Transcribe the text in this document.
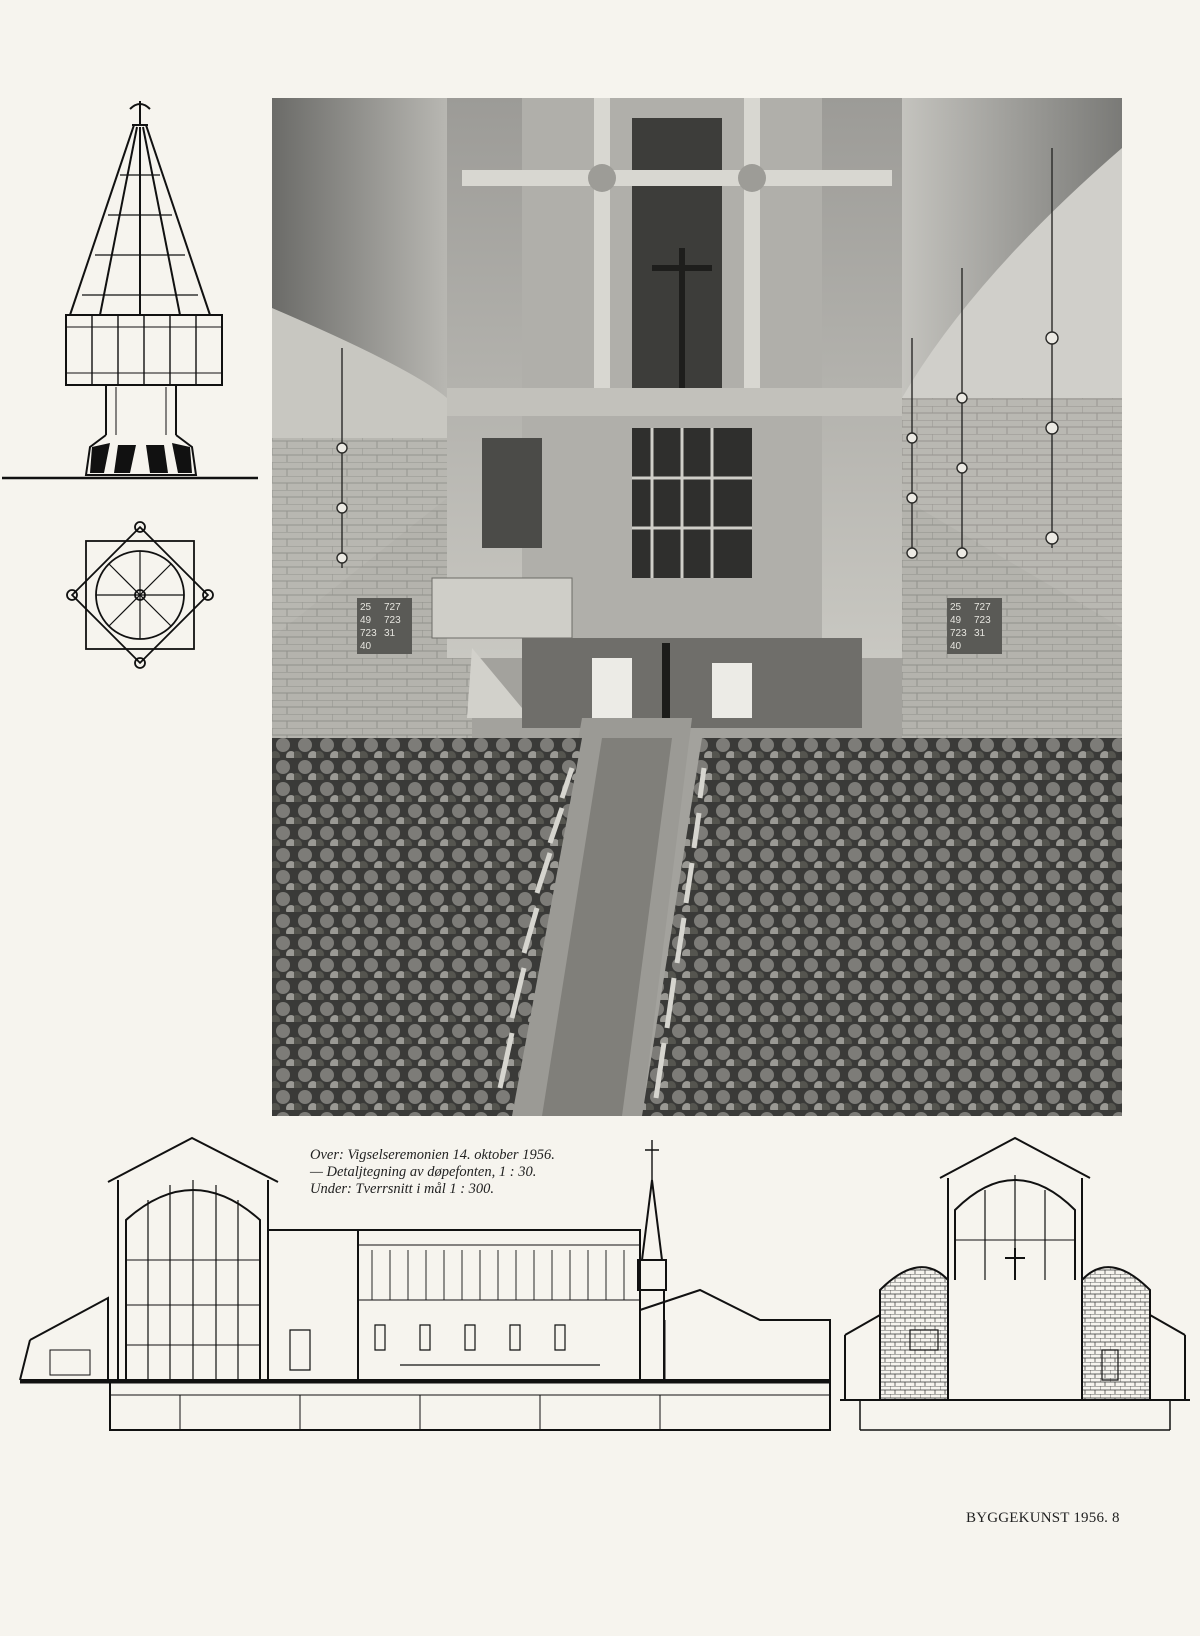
25 727
49 723
723 31
40
25 727
49 723
723 31
40
Over: Vigselseremonien 14. oktober 1956.
— Detaljtegning av døpefonten, 1 : 30.
Under: Tverrsnitt i mål 1 : 300.
BYGGEKUNST 1956. 8
